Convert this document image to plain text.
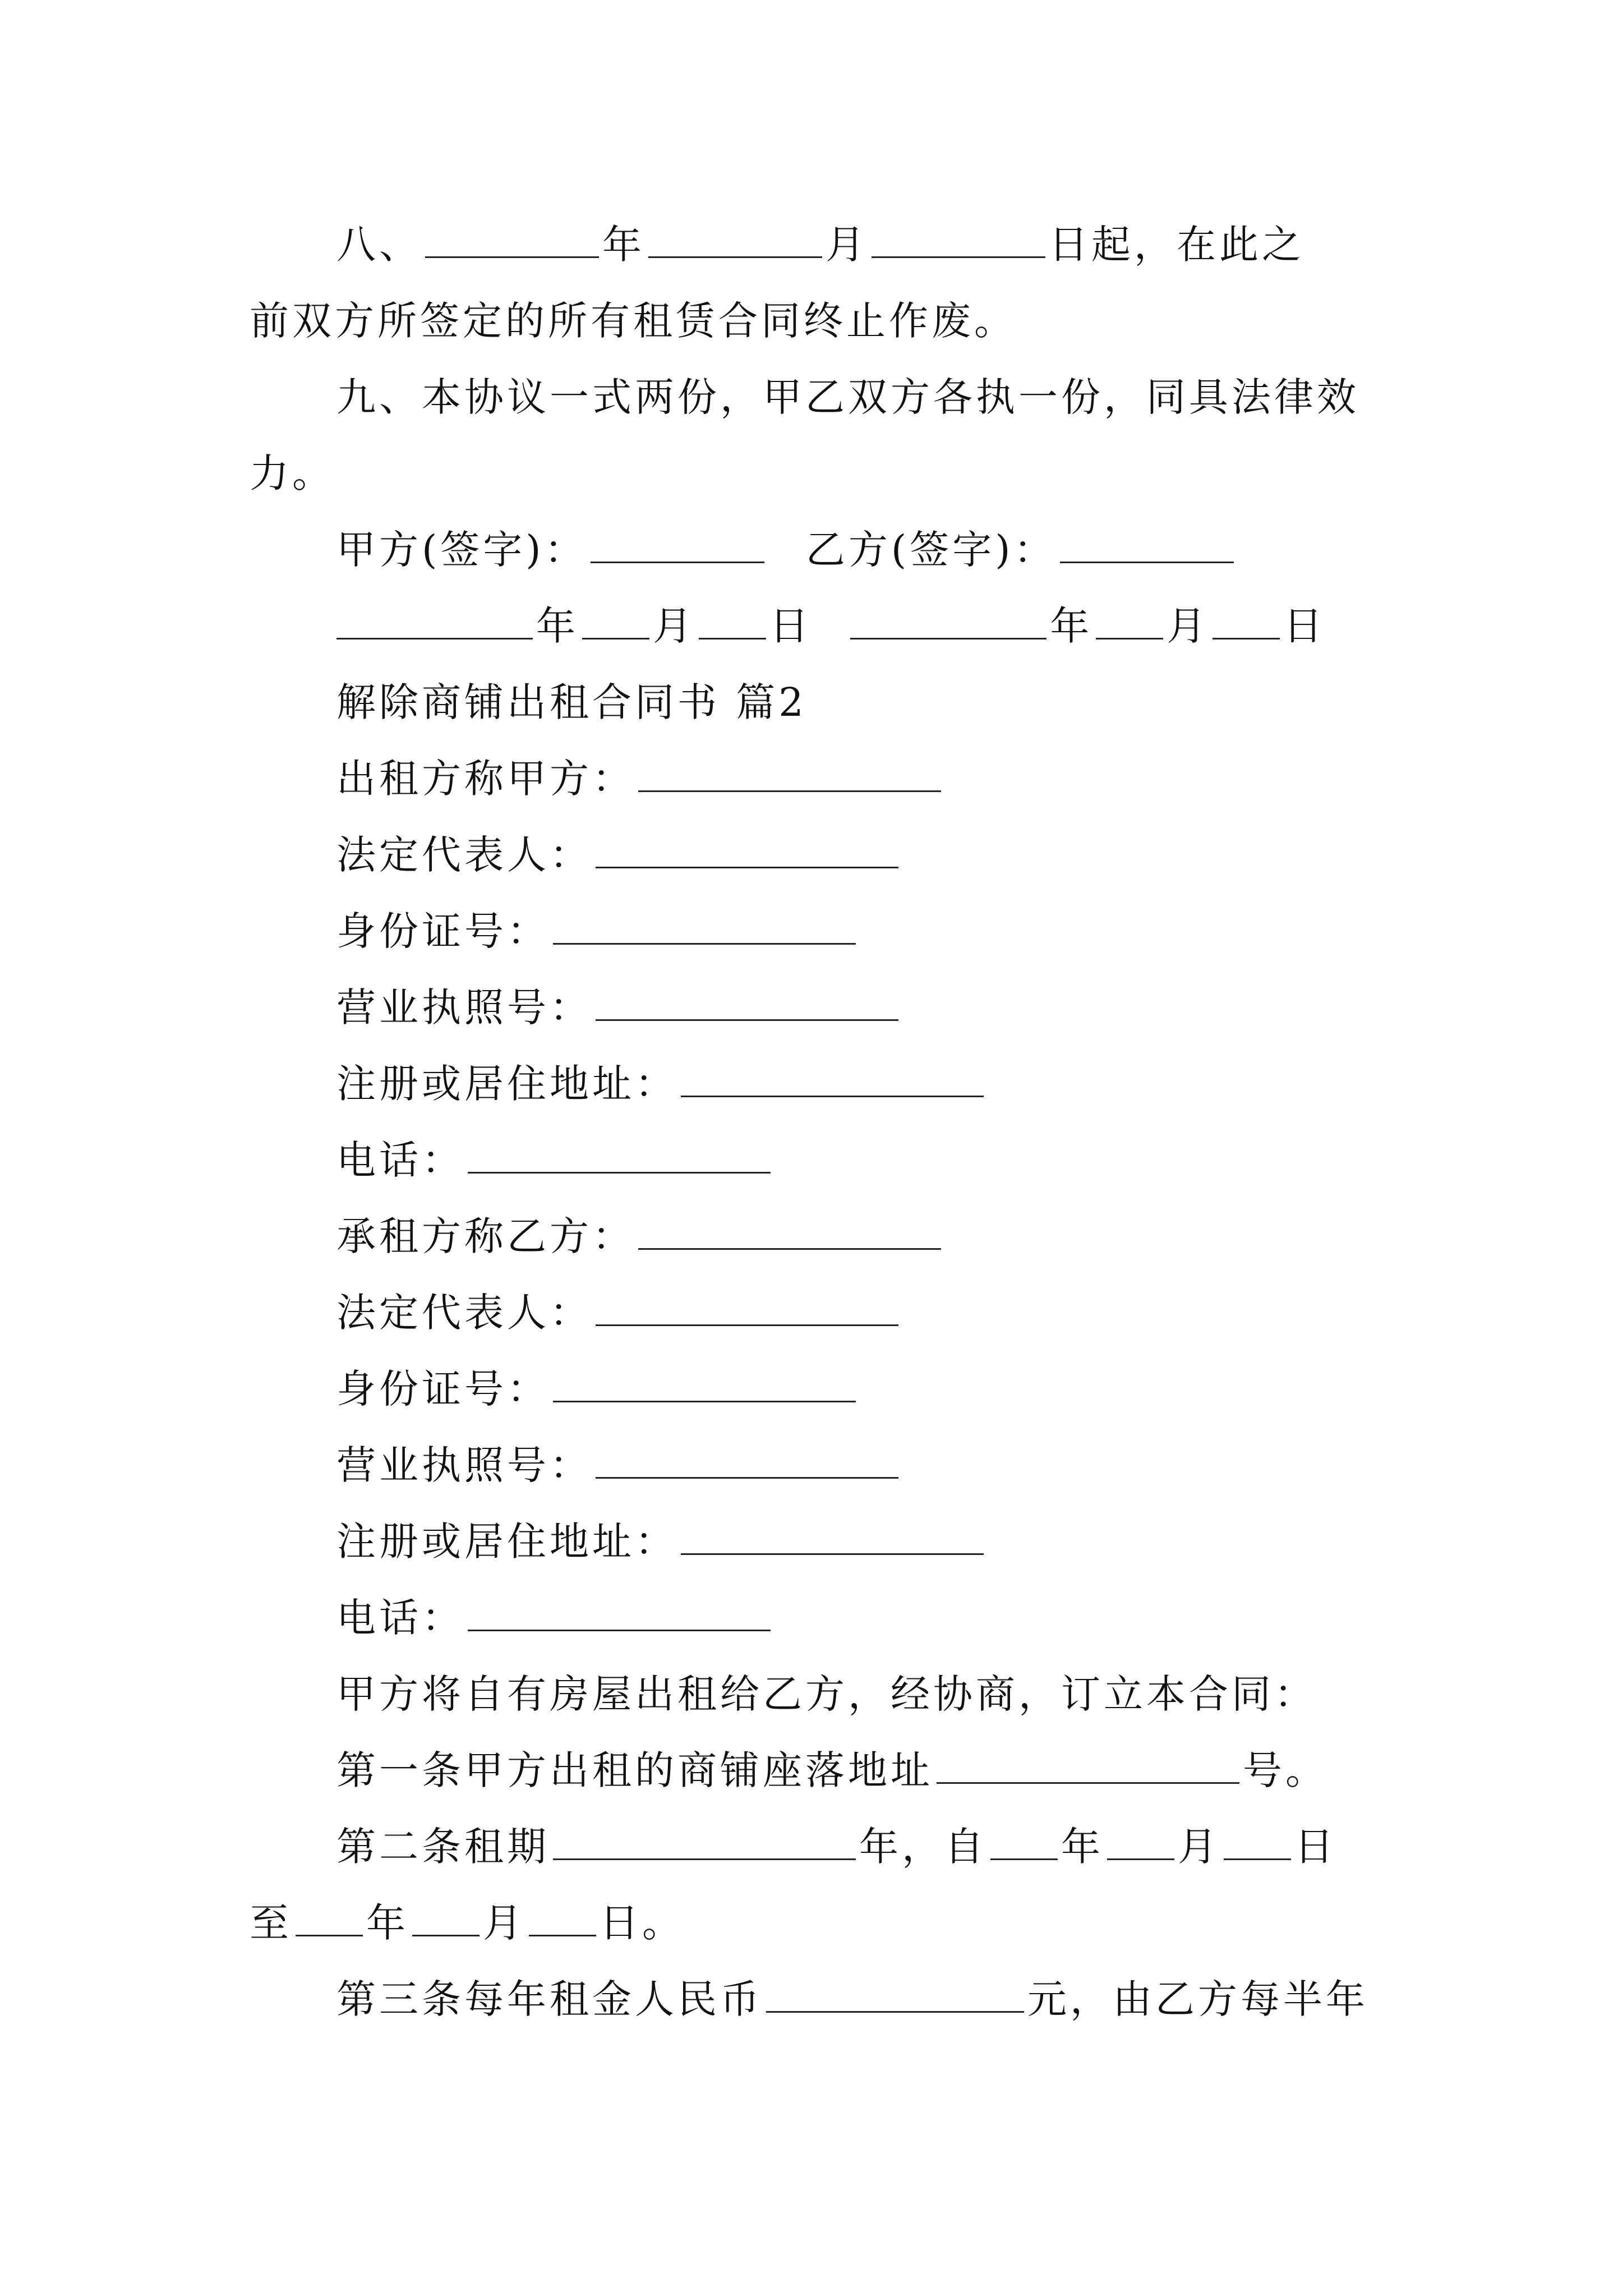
八、	年	月	日起，在此之
前双方所签定的所有租赁合同终止作废。
九、本协议一式两份，甲乙双方各执一份，同具法律效
力。
甲方(签字)：	乙方(签字)：
年 月 日	年 月 日
解除商铺出租合同书 篇2
出租方称甲方：
法定代表人：
身份证号：
营业执照号：
注册或居住地址：
电话：
承租方称乙方：
法定代表人：
身份证号：
营业执照号：
注册或居住地址：
电话：
甲方将自有房屋出租给乙方，经协商，订立本合同：
第一条甲方出租的商铺座落地址	号。
第二条租期	年，自 年 月 日
至 年 月 日。
第三条每年租金人民币	元，由乙方每半年
